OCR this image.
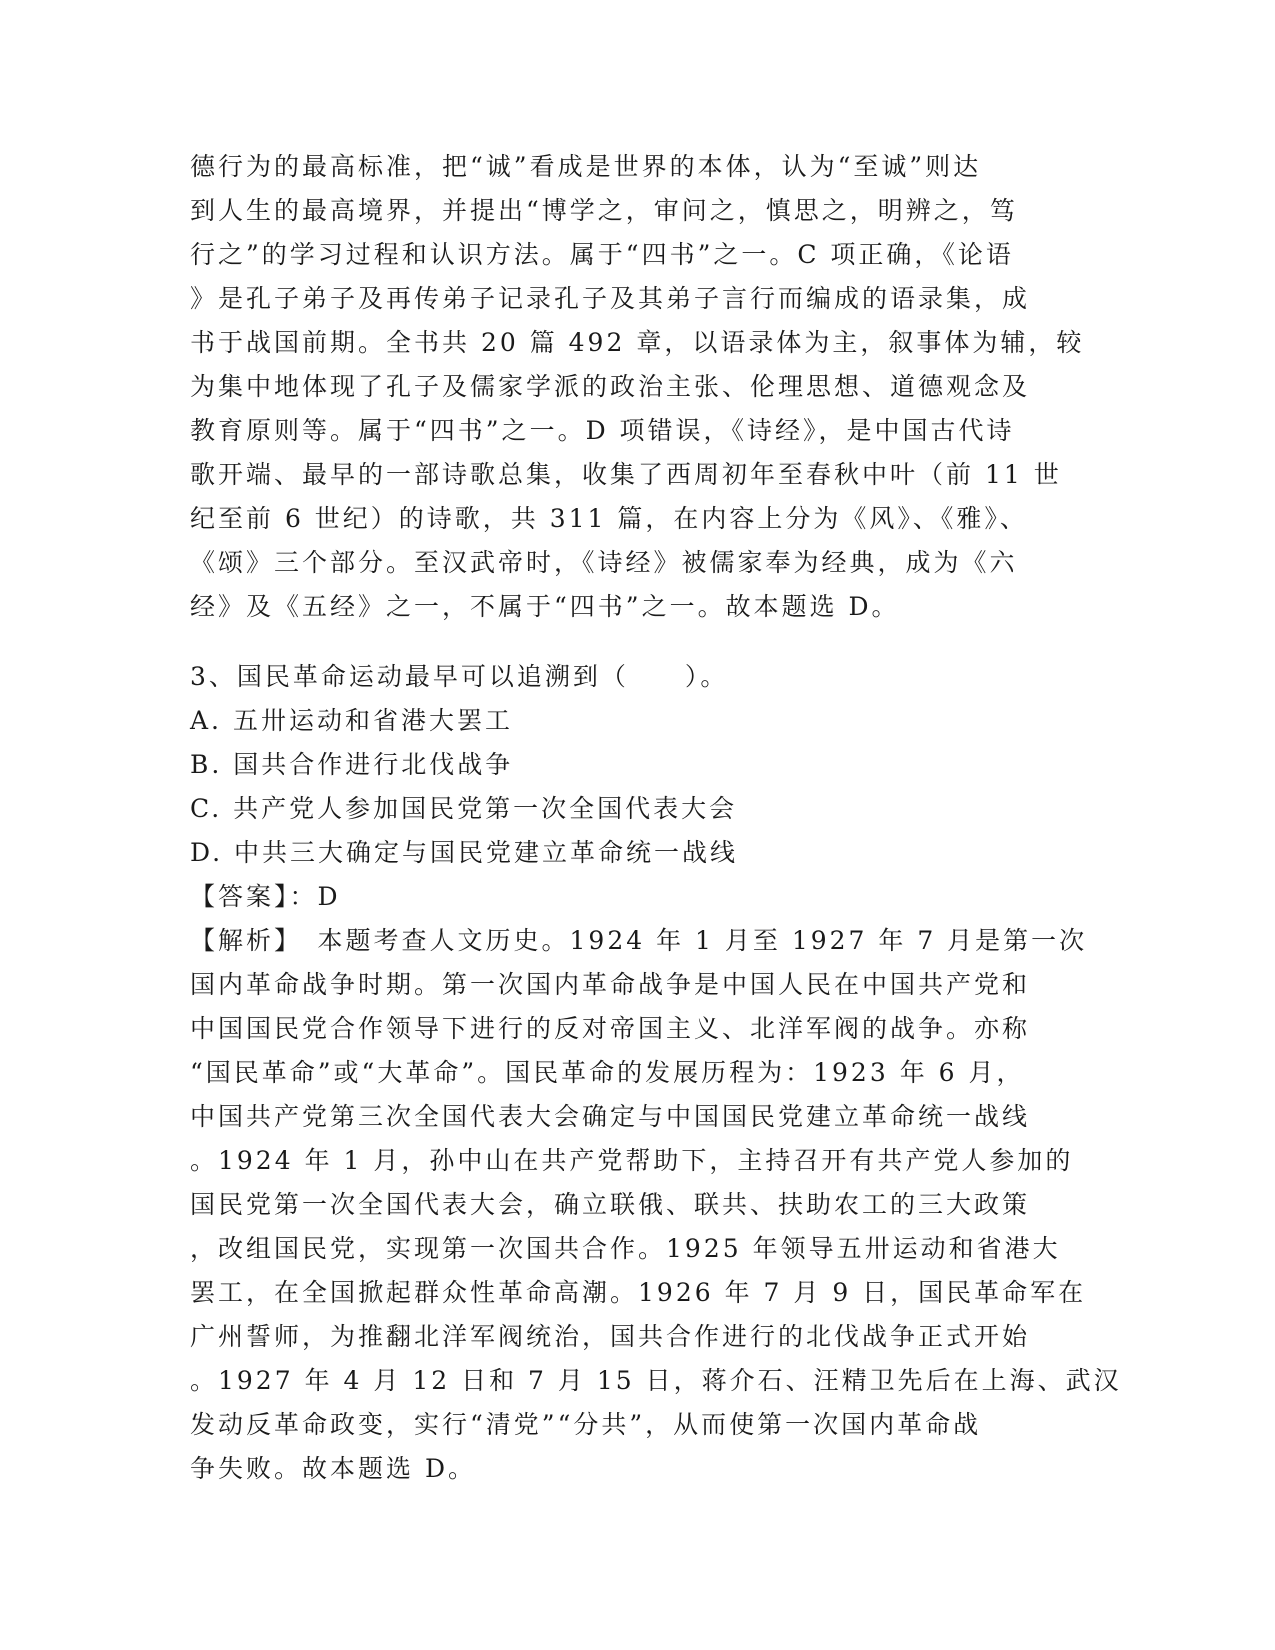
德行为的最高标准，把“诚”看成是世界的本体，认为“至诚”则达
到人生的最高境界，并提出“博学之，审问之，慎思之，明辨之，笃
行之”的学习过程和认识方法。属于“四书”之一。C 项正确，《论语
》是孔子弟子及再传弟子记录孔子及其弟子言行而编成的语录集，成
书于战国前期。全书共 20 篇 492 章，以语录体为主，叙事体为辅，较
为集中地体现了孔子及儒家学派的政治主张、伦理思想、道德观念及
教育原则等。属于“四书”之一。D 项错误，《诗经》，是中国古代诗
歌开端、最早的一部诗歌总集，收集了西周初年至春秋中叶（前 11 世
纪至前 6 世纪）的诗歌，共 311 篇，在内容上分为《风》、《雅》、
《颂》三个部分。至汉武帝时，《诗经》被儒家奉为经典，成为《六
经》及《五经》之一，不属于“四书”之一。故本题选 D。
3、国民革命运动最早可以追溯到（　　）。
A. 五卅运动和省港大罢工
B. 国共合作进行北伐战争
C. 共产党人参加国民党第一次全国代表大会
D. 中共三大确定与国民党建立革命统一战线
【答案】：D
【解析】　本题考查人文历史。1924 年 1 月至 1927 年 7 月是第一次
国内革命战争时期。第一次国内革命战争是中国人民在中国共产党和
中国国民党合作领导下进行的反对帝国主义、北洋军阀的战争。亦称
“国民革命”或“大革命”。国民革命的发展历程为：1923 年 6 月，
中国共产党第三次全国代表大会确定与中国国民党建立革命统一战线
。1924 年 1 月，孙中山在共产党帮助下，主持召开有共产党人参加的
国民党第一次全国代表大会，确立联俄、联共、扶助农工的三大政策
，改组国民党，实现第一次国共合作。1925 年领导五卅运动和省港大
罢工，在全国掀起群众性革命高潮。1926 年 7 月 9 日，国民革命军在
广州誓师，为推翻北洋军阀统治，国共合作进行的北伐战争正式开始
。1927 年 4 月 12 日和 7 月 15 日，蒋介石、汪精卫先后在上海、武汉
发动反革命政变，实行“清党”“分共”，从而使第一次国内革命战
争失败。故本题选 D。
